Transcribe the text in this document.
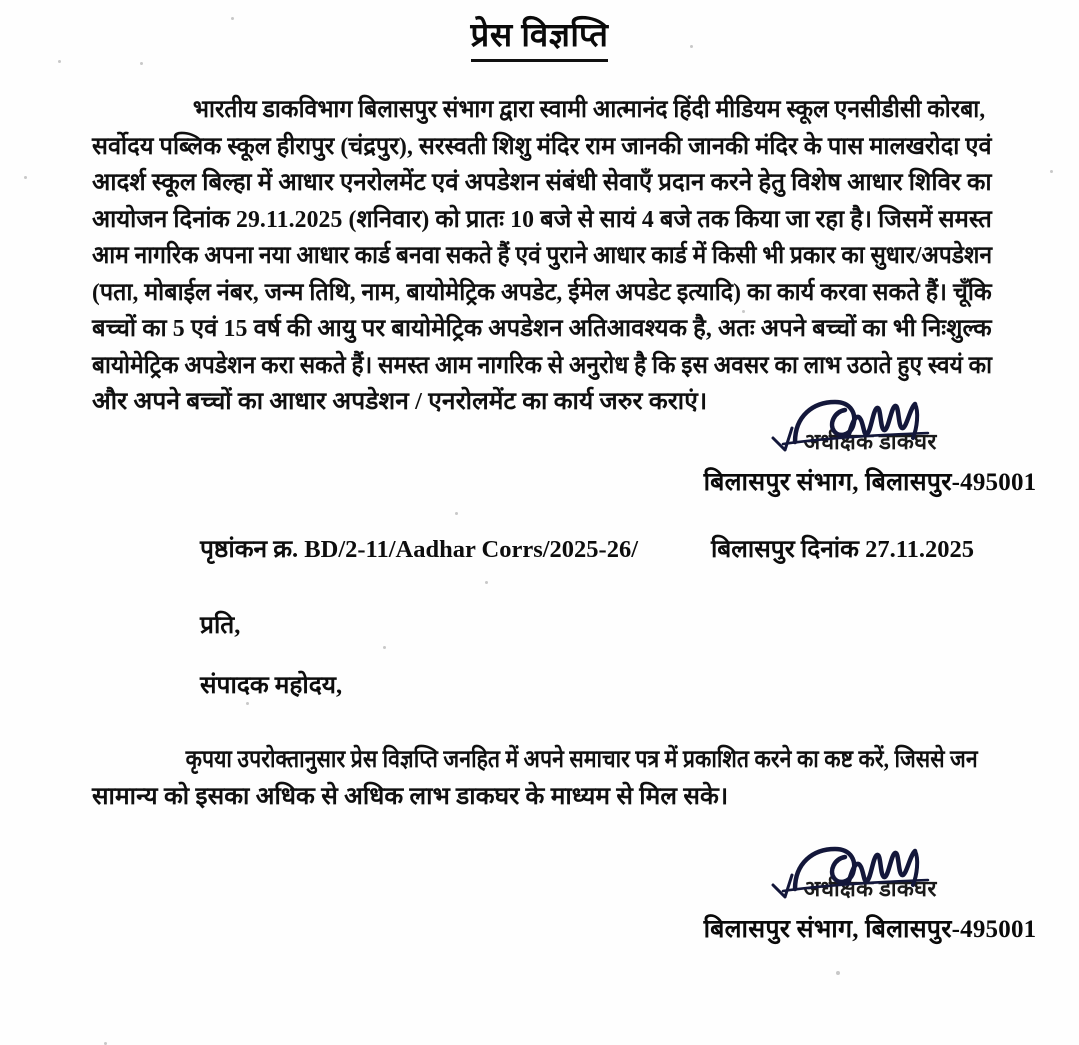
प्रेस विज्ञप्ति
भारतीय डाकविभाग बिलासपुर संभाग द्वारा स्वामी आत्मानंद हिंदी मीडियम स्कूल एनसीडीसी कोरबा, सर्वोदय पब्लिक स्कूल हीरापुर (चंद्रपुर), सरस्वती शिशु मंदिर राम जानकी जानकी मंदिर के पास मालखरोदा एवं आदर्श स्कूल बिल्हा में आधार एनरोलमेंट एवं अपडेशन संबंधी सेवाएँ प्रदान करने हेतु विशेष आधार शिविर का आयोजन दिनांक 29.11.2025 (शनिवार) को प्रातः 10 बजे से सायं 4 बजे तक किया जा रहा है। जिसमें समस्त आम नागरिक अपना नया आधार कार्ड बनवा सकते हैं एवं पुराने आधार कार्ड में किसी भी प्रकार का सुधार/अपडेशन (पता, मोबाईल नंबर, जन्म तिथि, नाम, बायोमेट्रिक अपडेट, ईमेल अपडेट इत्यादि) का कार्य करवा सकते हैं। चूँकि बच्चों का 5 एवं 15 वर्ष की आयु पर बायोमेट्रिक अपडेशन अतिआवश्यक है, अतः अपने बच्चों का भी निःशुल्क बायोमेट्रिक अपडेशन करा सकते हैं। समस्त आम नागरिक से अनुरोध है कि इस अवसर का लाभ उठाते हुए स्वयं का
और अपने बच्चों का आधार अपडेशन / एनरोलमेंट का कार्य जरुर कराएं।
अधीक्षक डाकघर
बिलासपुर संभाग, बिलासपुर-495001
पृष्ठांकन क्र. BD/2-11/Aadhar Corrs/2025-26/	बिलासपुर दिनांक 27.11.2025
प्रति,
संपादक महोदय,
कृपया उपरोक्तानुसार प्रेस विज्ञप्ति जनहित में अपने समाचार पत्र में प्रकाशित करने का कष्ट करें, जिससे जन
सामान्य को इसका अधिक से अधिक लाभ डाकघर के माध्यम से मिल सके।
अधीक्षक डाकघर
बिलासपुर संभाग, बिलासपुर-495001
